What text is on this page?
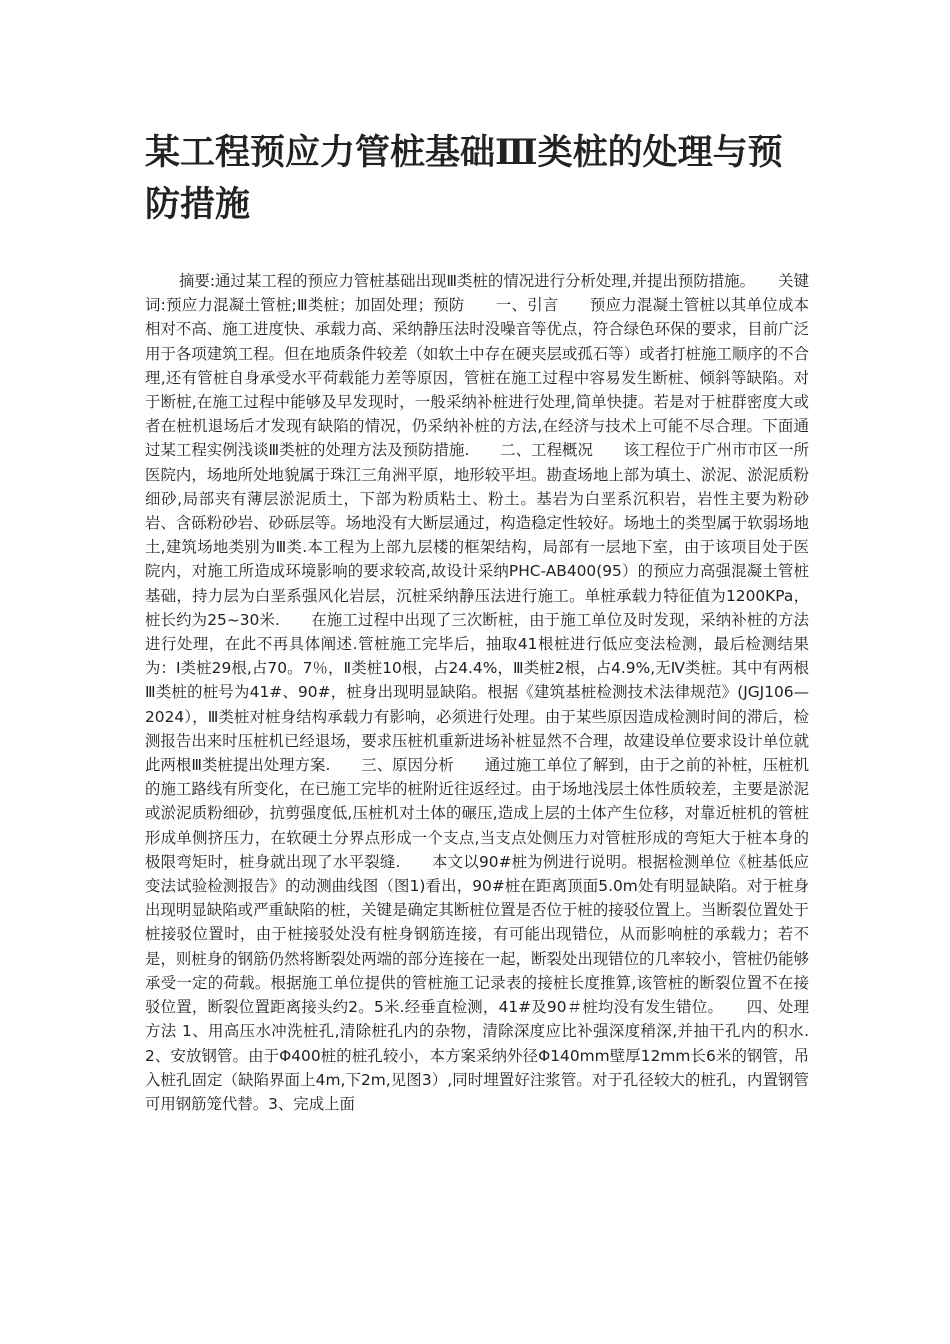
某工程预应力管桩基础Ⅲ类桩的处理与预防措施

摘要:通过某工程的预应力管桩基础出现Ⅲ类桩的情况进行分析处理,并提出预防措施。　　关键词:预应力混凝土管桩;Ⅲ类桩；加固处理；预防　　一、引言　　预应力混凝土管桩以其单位成本相对不高、施工进度快、承载力高、采纳静压法时没噪音等优点，符合绿色环保的要求，目前广泛用于各项建筑工程。但在地质条件较差（如软土中存在硬夹层或孤石等）或者打桩施工顺序的不合理,还有管桩自身承受水平荷载能力差等原因，管桩在施工过程中容易发生断桩、倾斜等缺陷。对于断桩,在施工过程中能够及早发现时，一般采纳补桩进行处理,简单快捷。若是对于桩群密度大或者在桩机退场后才发现有缺陷的情况，仍采纳补桩的方法,在经济与技术上可能不尽合理。下面通过某工程实例浅谈Ⅲ类桩的处理方法及预防措施.　　二、工程概况　　该工程位于广州市市区一所医院内，场地所处地貌属于珠江三角洲平原，地形较平坦。勘查场地上部为填土、淤泥、淤泥质粉细砂,局部夹有薄层淤泥质土，下部为粉质粘土、粉土。基岩为白垩系沉积岩，岩性主要为粉砂岩、含砾粉砂岩、砂砾层等。场地没有大断层通过，构造稳定性较好。场地土的类型属于软弱场地土,建筑场地类别为Ⅲ类.本工程为上部九层楼的框架结构，局部有一层地下室，由于该项目处于医院内，对施工所造成环境影响的要求较高,故设计采纳PHC-AB400(95）的预应力高强混凝土管桩基础，持力层为白垩系强风化岩层，沉桩采纳静压法进行施工。单桩承载力特征值为1200KPa，桩长约为25~30米.　　在施工过程中出现了三次断桩，由于施工单位及时发现，采纳补桩的方法进行处理，在此不再具体阐述.管桩施工完毕后，抽取41根桩进行低应变法检测，最后检测结果为：Ⅰ类桩29根,占70。7％，Ⅱ类桩10根，占24.4%，Ⅲ类桩2根，占4.9%,无Ⅳ类桩。其中有两根Ⅲ类桩的桩号为41#、90#，桩身出现明显缺陷。根据《建筑基桩检测技术法律规范》(JGJ106—2024），Ⅲ类桩对桩身结构承载力有影响，必须进行处理。由于某些原因造成检测时间的滞后，检测报告出来时压桩机已经退场，要求压桩机重新进场补桩显然不合理，故建设单位要求设计单位就此两根Ⅲ类桩提出处理方案.　　三、原因分析　　通过施工单位了解到，由于之前的补桩，压桩机的施工路线有所变化，在已施工完毕的桩附近往返经过。由于场地浅层土体性质较差，主要是淤泥或淤泥质粉细砂，抗剪强度低,压桩机对土体的碾压,造成上层的土体产生位移，对靠近桩机的管桩形成单侧挤压力，在软硬土分界点形成一个支点,当支点处侧压力对管桩形成的弯矩大于桩本身的极限弯矩时，桩身就出现了水平裂缝.　　本文以90#桩为例进行说明。根据检测单位《桩基低应变法试验检测报告》的动测曲线图（图1)看出，90#桩在距离顶面5.0m处有明显缺陷。对于桩身出现明显缺陷或严重缺陷的桩，关键是确定其断桩位置是否位于桩的接驳位置上。当断裂位置处于桩接驳位置时，由于桩接驳处没有桩身钢筋连接，有可能出现错位，从而影响桩的承载力；若不是，则桩身的钢筋仍然将断裂处两端的部分连接在一起，断裂处出现错位的几率较小，管桩仍能够承受一定的荷载。根据施工单位提供的管桩施工记录表的接桩长度推算,该管桩的断裂位置不在接驳位置，断裂位置距离接头约2。5米.经垂直检测，41#及90＃桩均没有发生错位。　　四、处理方法 1、用高压水冲洗桩孔,清除桩孔内的杂物，清除深度应比补强深度稍深,并抽干孔内的积水.2、安放钢管。由于Φ400桩的桩孔较小，本方案采纳外径Φ140mm壁厚12mm长6米的钢管，吊入桩孔固定（缺陷界面上4m,下2m,见图3）,同时埋置好注浆管。对于孔径较大的桩孔，内置钢管可用钢筋笼代替。3、完成上面
